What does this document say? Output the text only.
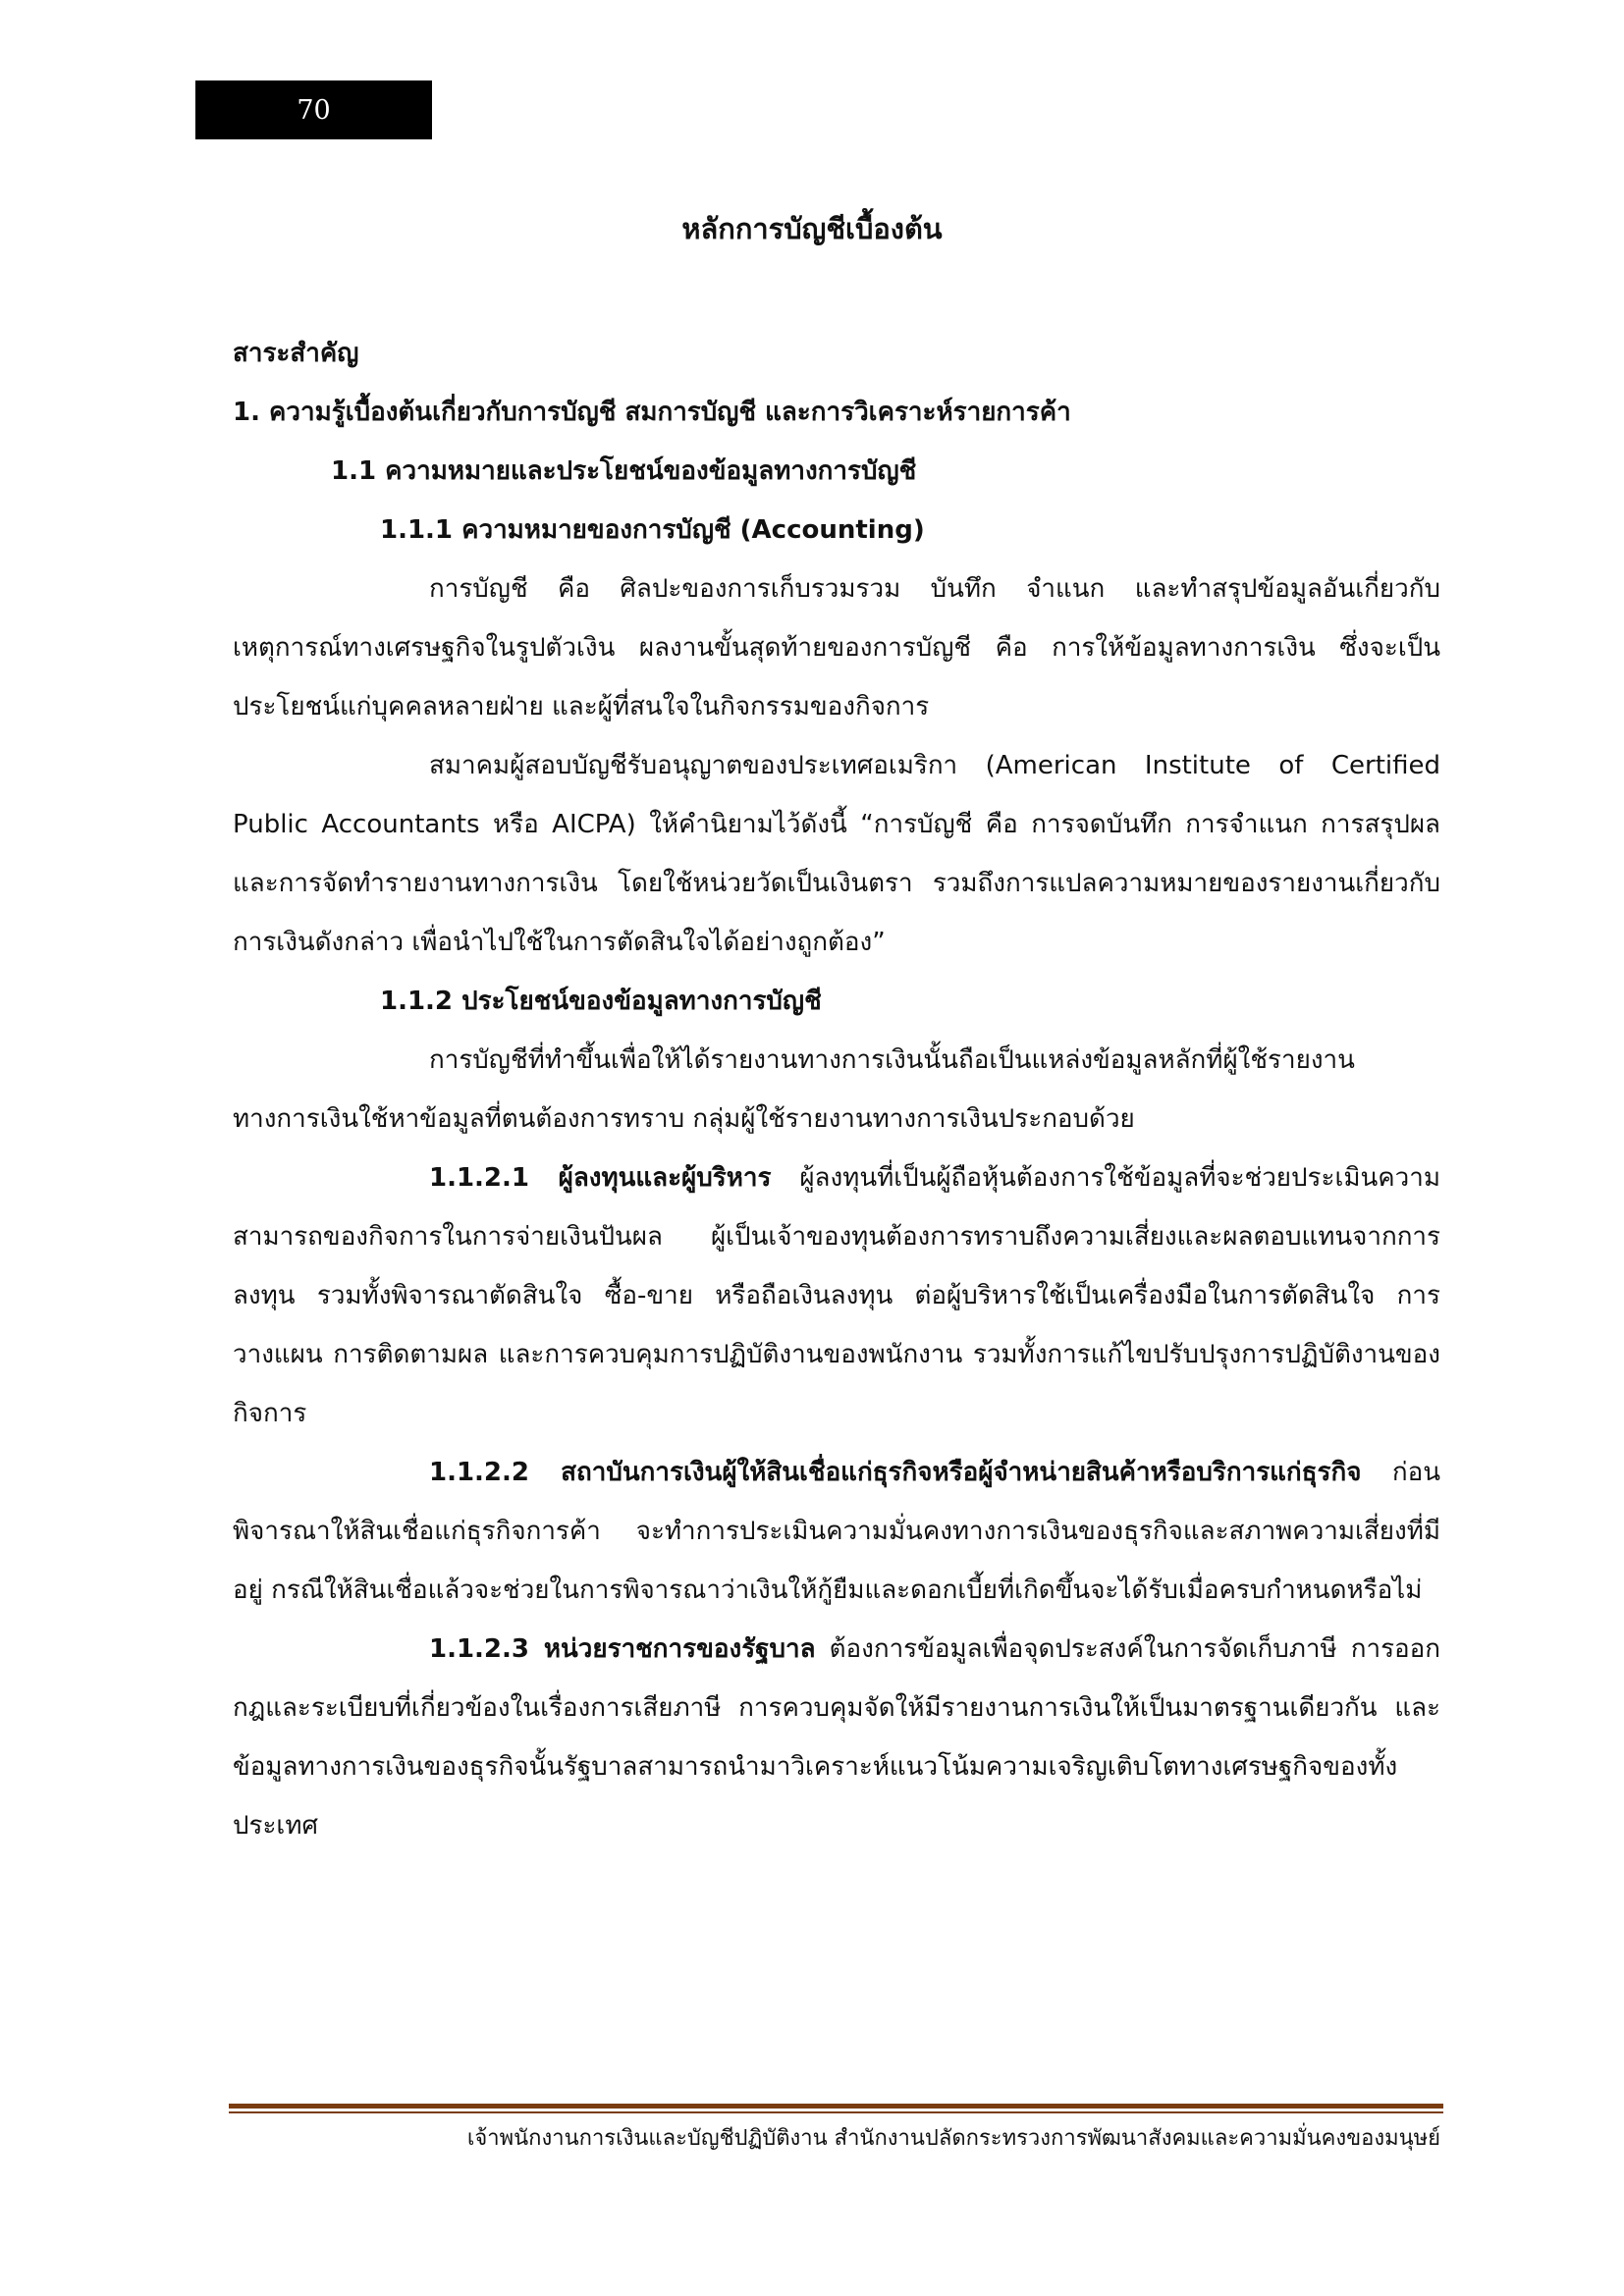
70
หลักการบัญชีเบื้องต้น

สาระสำคัญ

1. ความรู้เบื้องต้นเกี่ยวกับการบัญชี สมการบัญชี และการวิเคราะห์รายการค้า

1.1 ความหมายและประโยชน์ของข้อมูลทางการบัญชี

1.1.1 ความหมายของการบัญชี (Accounting)

การบัญชี คือ ศิลปะของการเก็บรวมรวม บันทึก จำแนก และทำสรุปข้อมูลอันเกี่ยวกับเหตุการณ์ทางเศรษฐกิจในรูปตัวเงิน ผลงานขั้นสุดท้ายของการบัญชี คือ การให้ข้อมูลทางการเงิน ซึ่งจะเป็นประโยชน์แก่บุคคลหลายฝ่าย และผู้ที่สนใจในกิจกรรมของกิจการ

สมาคมผู้สอบบัญชีรับอนุญาตของประเทศอเมริกา (American Institute of Certified Public Accountants หรือ AICPA) ให้คำนิยามไว้ดังนี้ “การบัญชี คือ การจดบันทึก การจำแนก การสรุปผล และการจัดทำรายงานทางการเงิน โดยใช้หน่วยวัดเป็นเงินตรา รวมถึงการแปลความหมายของรายงานเกี่ยวกับการเงินดังกล่าว เพื่อนำไปใช้ในการตัดสินใจได้อย่างถูกต้อง”

1.1.2 ประโยชน์ของข้อมูลทางการบัญชี

การบัญชีที่ทำขึ้นเพื่อให้ได้รายงานทางการเงินนั้นถือเป็นแหล่งข้อมูลหลักที่ผู้ใช้รายงานทางการเงินใช้หาข้อมูลที่ตนต้องการทราบ กลุ่มผู้ใช้รายงานทางการเงินประกอบด้วย

1.1.2.1 ผู้ลงทุนและผู้บริหาร ผู้ลงทุนที่เป็นผู้ถือหุ้นต้องการใช้ข้อมูลที่จะช่วยประเมินความสามารถของกิจการในการจ่ายเงินปันผล ผู้เป็นเจ้าของทุนต้องการทราบถึงความเสี่ยงและผลตอบแทนจากการลงทุน รวมทั้งพิจารณาตัดสินใจ ซื้อ-ขาย หรือถือเงินลงทุน ต่อผู้บริหารใช้เป็นเครื่องมือในการตัดสินใจ การวางแผน การติดตามผล และการควบคุมการปฏิบัติงานของพนักงาน รวมทั้งการแก้ไขปรับปรุงการปฏิบัติงานของกิจการ

1.1.2.2 สถาบันการเงินผู้ให้สินเชื่อแก่ธุรกิจหรือผู้จำหน่ายสินค้าหรือบริการแก่ธุรกิจ ก่อนพิจารณาให้สินเชื่อแก่ธุรกิจการค้า จะทำการประเมินความมั่นคงทางการเงินของธุรกิจและสภาพความเสี่ยงที่มีอยู่ กรณีให้สินเชื่อแล้วจะช่วยในการพิจารณาว่าเงินให้กู้ยืมและดอกเบี้ยที่เกิดขึ้นจะได้รับเมื่อครบกำหนดหรือไม่

1.1.2.3 หน่วยราชการของรัฐบาล ต้องการข้อมูลเพื่อจุดประสงค์ในการจัดเก็บภาษี การออกกฎและระเบียบที่เกี่ยวข้องในเรื่องการเสียภาษี การควบคุมจัดให้มีรายงานการเงินให้เป็นมาตรฐานเดียวกัน และข้อมูลทางการเงินของธุรกิจนั้นรัฐบาลสามารถนำมาวิเคราะห์แนวโน้มความเจริญเติบโตทางเศรษฐกิจของทั้งประเทศ

เจ้าพนักงานการเงินและบัญชีปฏิบัติงาน สำนักงานปลัดกระทรวงการพัฒนาสังคมและความมั่นคงของมนุษย์
